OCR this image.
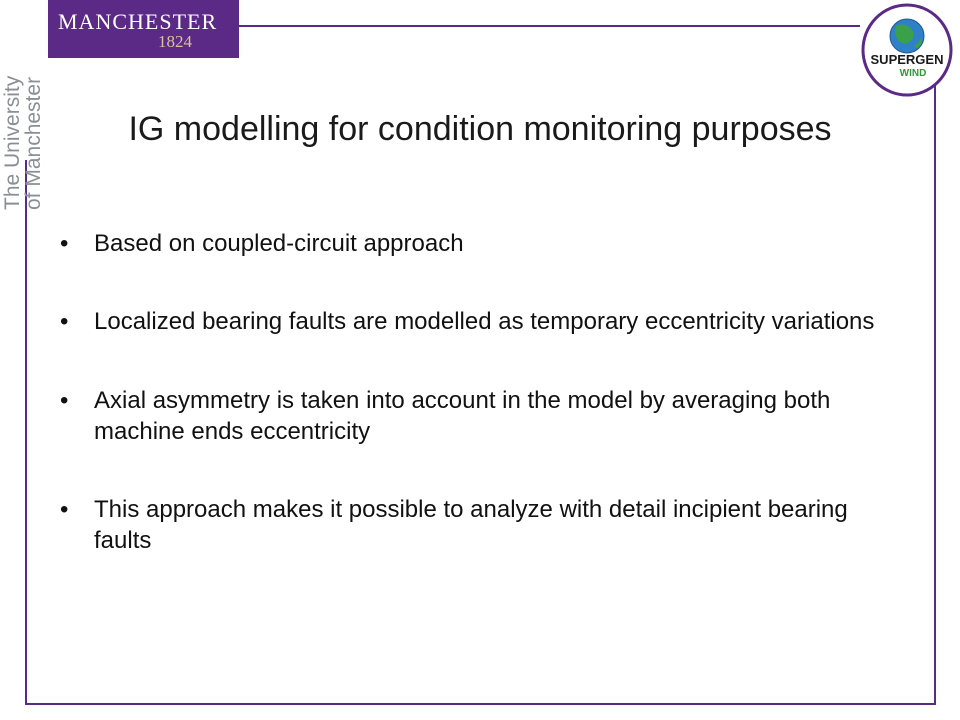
MANCHESTER
1824
The University
of Manchester
SUPERGEN
WIND
IG modelling for condition monitoring purposes
• Based on coupled-circuit approach
• Localized bearing faults are modelled as temporary eccentricity variations
• Axial asymmetry is taken into account in the model by averaging both machine ends eccentricity
• This approach makes it possible to analyze with detail incipient bearing faults
